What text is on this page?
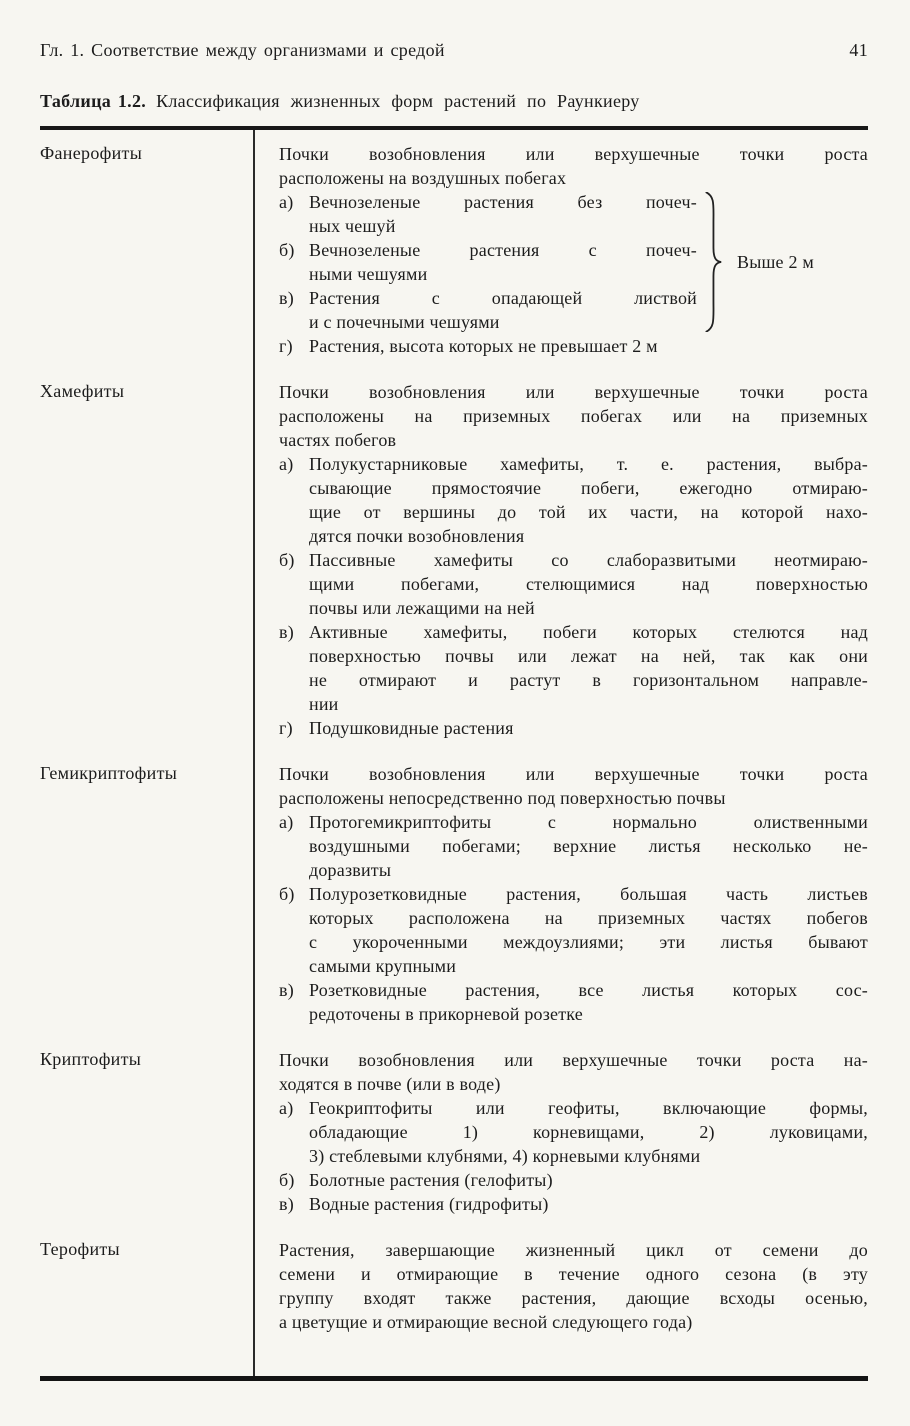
Гл. 1. Соответствие между организмами и средой	41
Таблица 1.2. Классификация жизненных форм растений по Раункиеру
Фанерофиты	Почки возобновления или верхушечные точки роста
расположены на воздушных побегах
а) Вечнозеленые растения без почеч-
ных чешуй
б) Вечнозеленые растения с почеч-
ными чешуями
в) Растения с опадающей листвой
и с почечными чешуями
Выше 2 м
г) Растения, высота которых не превышает 2 м
Хамефиты	Почки возобновления или верхушечные точки роста
расположены на приземных побегах или на приземных
частях побегов
а) Полукустарниковые хамефиты, т. е. растения, выбра-
сывающие прямостоячие побеги, ежегодно отмираю-
щие от вершины до той их части, на которой нахо-
дятся почки возобновления
б) Пассивные хамефиты со слаборазвитыми неотмираю-
щими побегами, стелющимися над поверхностью
почвы или лежащими на ней
в) Активные хамефиты, побеги которых стелются над
поверхностью почвы или лежат на ней, так как они
не отмирают и растут в горизонтальном направле-
нии
г) Подушковидные растения
Гемикриптофиты	Почки возобновления или верхушечные точки роста
расположены непосредственно под поверхностью почвы
а) Протогемикриптофиты с нормально олиственными
воздушными побегами; верхние листья несколько не-
доразвиты
б) Полурозетковидные растения, большая часть листьев
которых расположена на приземных частях побегов
с укороченными междоузлиями; эти листья бывают
самыми крупными
в) Розетковидные растения, все листья которых сос-
редоточены в прикорневой розетке
Криптофиты	Почки возобновления или верхушечные точки роста на-
ходятся в почве (или в воде)
а) Геокриптофиты или геофиты, включающие формы,
обладающие 1) корневищами, 2) луковицами,
3) стеблевыми клубнями, 4) корневыми клубнями
б) Болотные растения (гелофиты)
в) Водные растения (гидрофиты)
Терофиты	Растения, завершающие жизненный цикл от семени до
семени и отмирающие в течение одного сезона (в эту
группу входят также растения, дающие всходы осенью,
а цветущие и отмирающие весной следующего года)
